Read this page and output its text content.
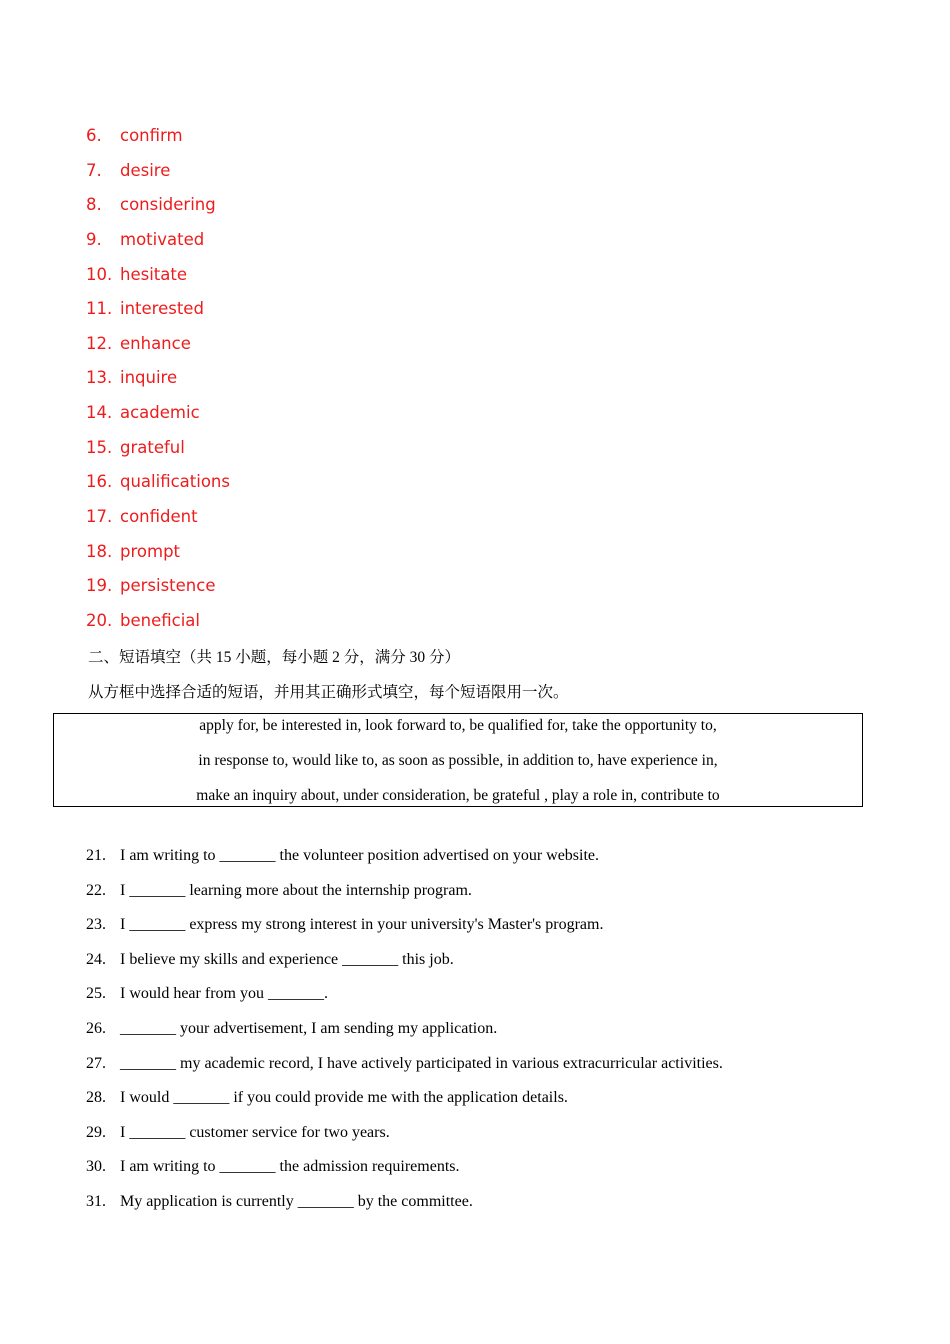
6. confirm
7. desire
8. considering
9. motivated
10. hesitate
11. interested
12. enhance
13. inquire
14. academic
15. grateful
16. qualifications
17. confident
18. prompt
19. persistence
20. beneficial
二、短语填空（共 15 小题，每小题 2 分，满分 30 分）
从方框中选择合适的短语，并用其正确形式填空，每个短语限用一次。
apply for, be interested in, look forward to, be qualified for, take the opportunity to,
in response to, would like to, as soon as possible, in addition to, have experience in,
make an inquiry about, under consideration, be grateful , play a role in, contribute to
21. I am writing to _______ the volunteer position advertised on your website.
22. I _______ learning more about the internship program.
23. I _______ express my strong interest in your university's Master's program.
24. I believe my skills and experience _______ this job.
25. I would hear from you _______.
26. _______ your advertisement, I am sending my application.
27. _______ my academic record, I have actively participated in various extracurricular activities.
28. I would _______ if you could provide me with the application details.
29. I _______ customer service for two years.
30. I am writing to _______ the admission requirements.
31. My application is currently _______ by the committee.
